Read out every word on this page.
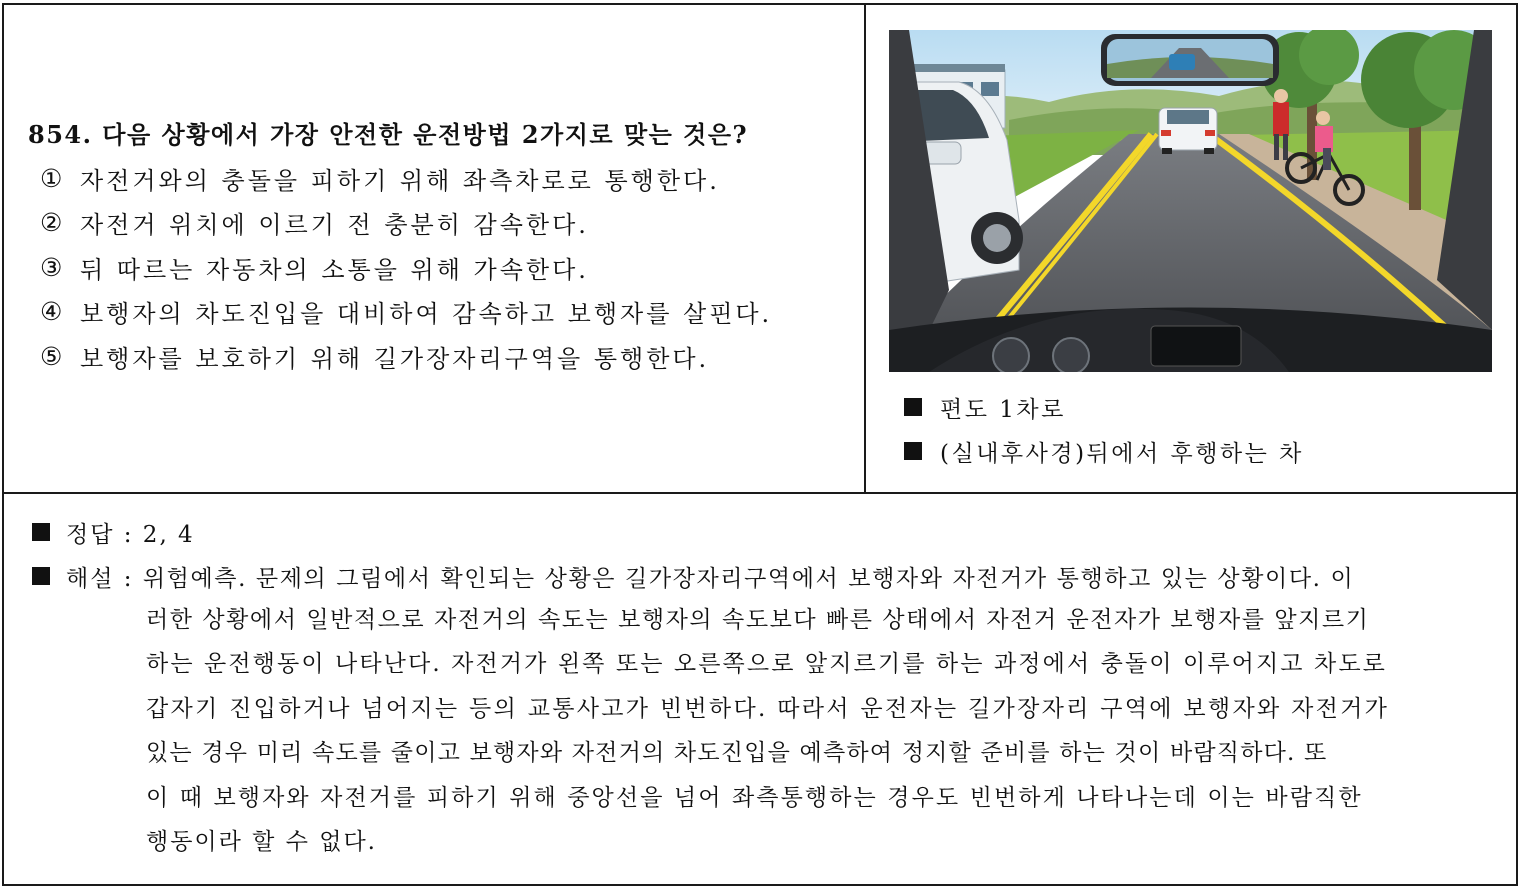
854. 다음 상황에서 가장 안전한 운전방법 2가지로 맞는 것은?
① 자전거와의 충돌을 피하기 위해 좌측차로로 통행한다.
② 자전거 위치에 이르기 전 충분히 감속한다.
③ 뒤 따르는 자동차의 소통을 위해 가속한다.
④ 보행자의 차도진입을 대비하여 감속하고 보행자를 살핀다.
⑤ 보행자를 보호하기 위해 길가장자리구역을 통행한다.
편도 1차로
(실내후사경)뒤에서 후행하는 차
정답 : 2, 4
해설 : 위험예측. 문제의 그림에서 확인되는 상황은 길가장자리구역에서 보행자와 자전거가 통행하고 있는 상황이다. 이
러한 상황에서 일반적으로 자전거의 속도는 보행자의 속도보다 빠른 상태에서 자전거 운전자가 보행자를 앞지르기
하는 운전행동이 나타난다. 자전거가 왼쪽 또는 오른쪽으로 앞지르기를 하는 과정에서 충돌이 이루어지고 차도로
갑자기 진입하거나 넘어지는 등의 교통사고가 빈번하다. 따라서 운전자는 길가장자리 구역에 보행자와 자전거가
있는 경우 미리 속도를 줄이고 보행자와 자전거의 차도진입을 예측하여 정지할 준비를 하는 것이 바람직하다. 또
이 때 보행자와 자전거를 피하기 위해 중앙선을 넘어 좌측통행하는 경우도 빈번하게 나타나는데 이는 바람직한
행동이라 할 수 없다.
